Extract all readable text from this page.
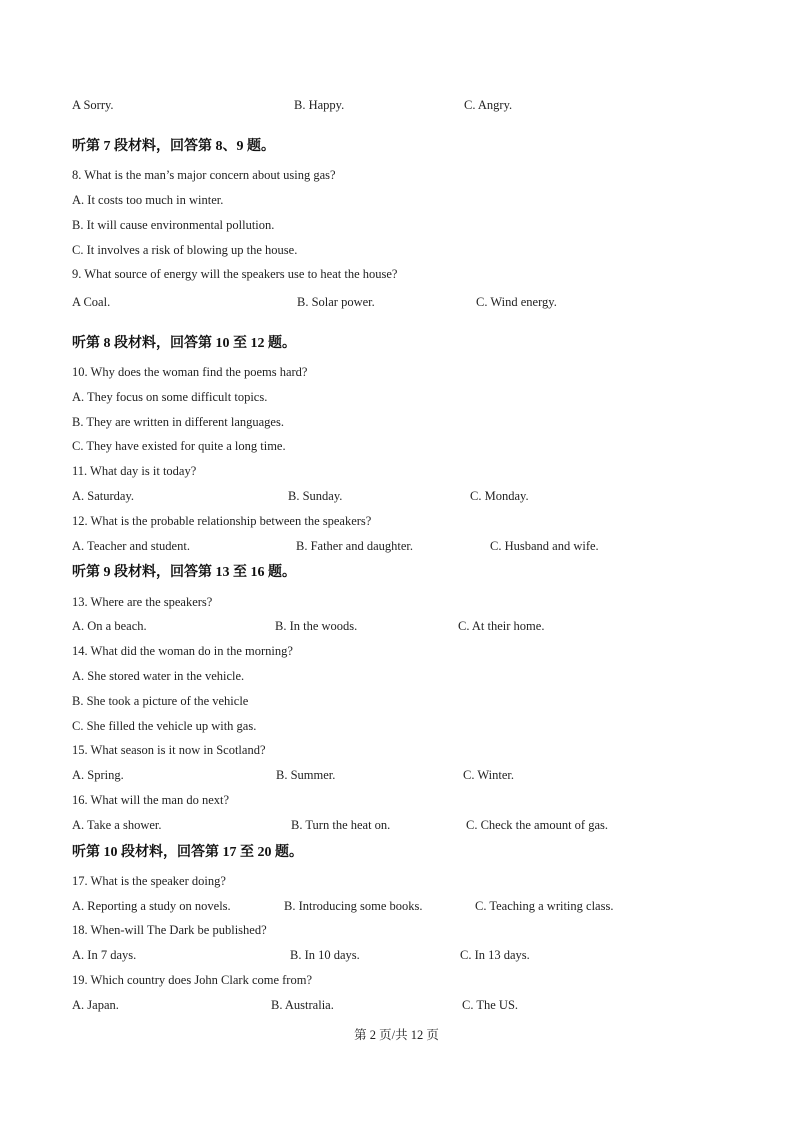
A Sorry.	B. Happy.	C. Angry.
听第 7 段材料，回答第 8、9 题。
8. What is the man’s major concern about using gas?
A. It costs too much in winter.
B. It will cause environmental pollution.
C. It involves a risk of blowing up the house.
9. What source of energy will the speakers use to heat the house?
A Coal.	B. Solar power.	C. Wind energy.
听第 8 段材料，回答第 10 至 12 题。
10. Why does the woman find the poems hard?
A. They focus on some difficult topics.
B. They are written in different languages.
C. They have existed for quite a long time.
11. What day is it today?
A. Saturday.	B. Sunday.	C. Monday.
12. What is the probable relationship between the speakers?
A. Teacher and student.	B. Father and daughter.	C. Husband and wife.
听第 9 段材料，回答第 13 至 16 题。
13. Where are the speakers?
A. On a beach.	B. In the woods.	C. At their home.
14. What did the woman do in the morning?
A. She stored water in the vehicle.
B. She took a picture of the vehicle
C. She filled the vehicle up with gas.
15. What season is it now in Scotland?
A. Spring.	B. Summer.	C. Winter.
16. What will the man do next?
A. Take a shower.	B. Turn the heat on.	C. Check the amount of gas.
听第 10 段材料，回答第 17 至 20 题。
17. What is the speaker doing?
A. Reporting a study on novels.	B. Introducing some books.	C. Teaching a writing class.
18. When-will The Dark be published?
A. In 7 days.	B. In 10 days.	C. In 13 days.
19. Which country does John Clark come from?
A. Japan.	B. Australia.	C. The US.
第 2 页/共 12 页
